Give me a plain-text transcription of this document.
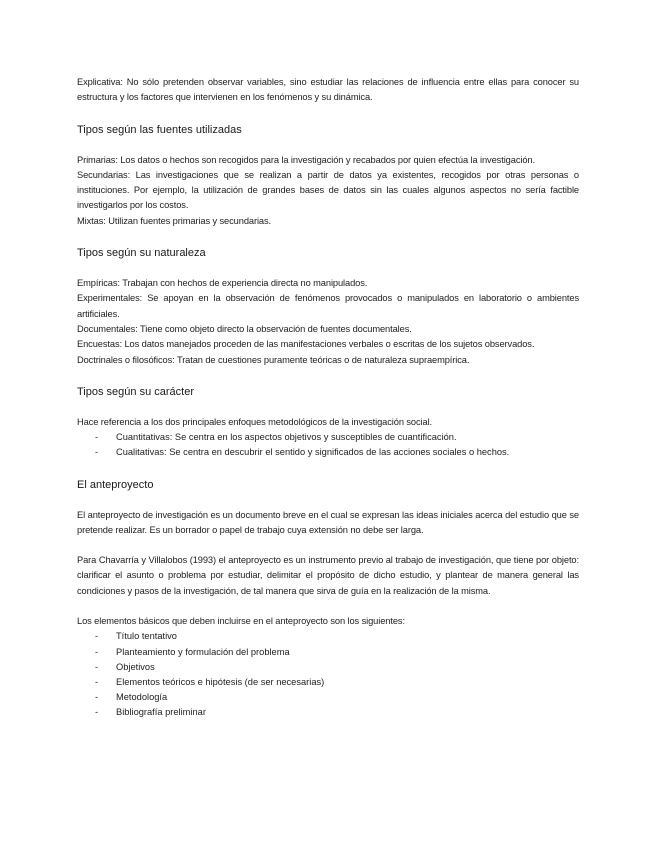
Explicativa: No sólo pretenden observar variables, sino estudiar las relaciones de influencia entre ellas para conocer su estructura y los factores que intervienen en los fenómenos y su dinámica.

Tipos según las fuentes utilizadas

Primarias: Los datos o hechos son recogidos para la investigación y recabados por quien efectúa la investigación.

Secundarias: Las investigaciones que se realizan a partir de datos ya existentes, recogidos por otras personas o instituciones. Por ejemplo, la utilización de grandes bases de datos sin las cuales algunos aspectos no sería factible investigarlos por los costos.

Mixtas: Utilizan fuentes primarias y secundarias.

Tipos según su naturaleza

Empíricas: Trabajan con hechos de experiencia directa no manipulados.

Experimentales: Se apoyan en la observación de fenómenos provocados o manipulados en laboratorio o ambientes artificiales.

Documentales: Tiene como objeto directo la observación de fuentes documentales.

Encuestas: Los datos manejados proceden de las manifestaciones verbales o escritas de los sujetos observados.

Doctrinales o filosóficos: Tratan de cuestiones puramente teóricas o de naturaleza supraempírica.

Tipos según su carácter

Hace referencia a los dos principales enfoques metodológicos de la investigación social.

- Cuantitativas: Se centra en los aspectos objetivos y susceptibles de cuantificación.
- Cualitativas: Se centra en descubrir el sentido y significados de las acciones sociales o hechos.
El anteproyecto

El anteproyecto de investigación es un documento breve en el cual se expresan las ideas iniciales acerca del estudio que se pretende realizar. Es un borrador o papel de trabajo cuya extensión no debe ser larga.

Para Chavarría y Villalobos (1993) el anteproyecto es un instrumento previo al trabajo de investigación, que tiene por objeto: clarificar el asunto o problema por estudiar, delimitar el propósito de dicho estudio, y plantear de manera general las condiciones y pasos de la investigación, de tal manera que sirva de guía en la realización de la misma.

Los elementos básicos que deben incluirse en el anteproyecto son los siguientes:

- Título tentativo
- Planteamiento y formulación del problema
- Objetivos
- Elementos teóricos e hipótesis (de ser necesarias)
- Metodología
- Bibliografía preliminar
